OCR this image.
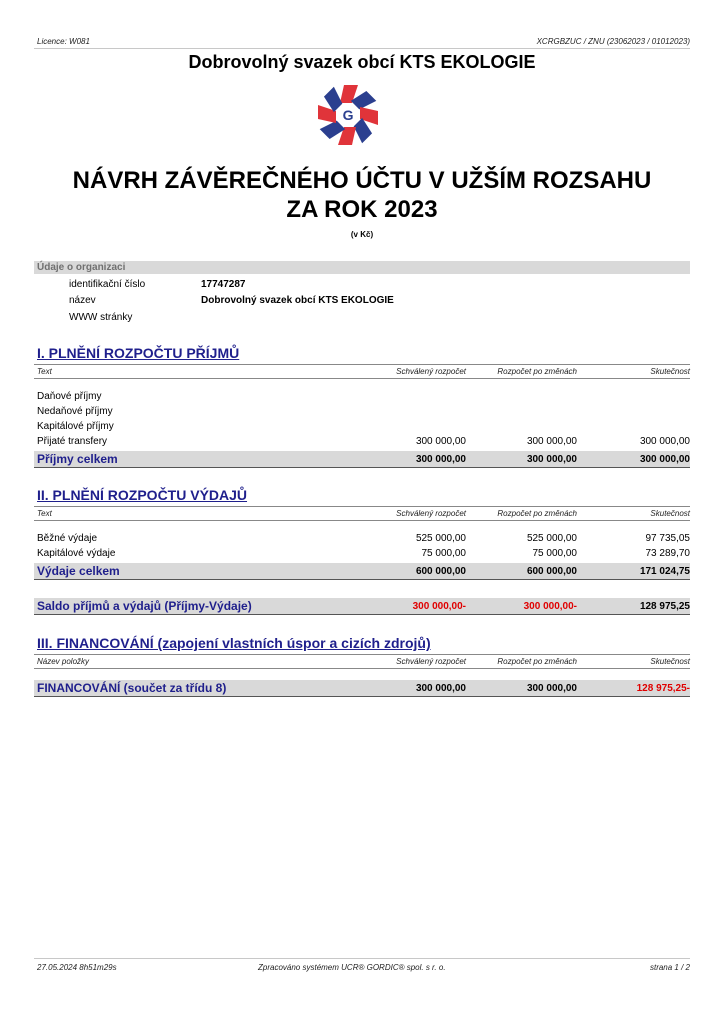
Licence: W081	XCRGBZUC / ZNU (23062023 / 01012023)
Dobrovolný svazek obcí KTS EKOLOGIE
G
NÁVRH ZÁVĚREČNÉHO ÚČTU V UŽŠÍM ROZSAHU
ZA ROK 2023
(v Kč)
Údaje o organizaci
identifikační číslo	17747287
název	Dobrovolný svazek obcí KTS EKOLOGIE
WWW stránky
I. PLNĚNÍ ROZPOČTU PŘÍJMŮ
Text	Schválený rozpočet	Rozpočet po změnách	Skutečnost
Daňové příjmy
Nedaňové příjmy
Kapitálové příjmy
Přijaté transfery	300 000,00	300 000,00	300 000,00
Příjmy celkem	300 000,00	300 000,00	300 000,00
II. PLNĚNÍ ROZPOČTU VÝDAJŮ
Text	Schválený rozpočet	Rozpočet po změnách	Skutečnost
Běžné výdaje	525 000,00	525 000,00	97 735,05
Kapitálové výdaje	75 000,00	75 000,00	73 289,70
Výdaje celkem	600 000,00	600 000,00	171 024,75
Saldo příjmů a výdajů (Příjmy-Výdaje)	300 000,00-	300 000,00-	128 975,25
III. FINANCOVÁNÍ (zapojení vlastních úspor a cizích zdrojů)
Název položky	Schválený rozpočet	Rozpočet po změnách	Skutečnost
FINANCOVÁNÍ (součet za třídu 8)	300 000,00	300 000,00	128 975,25-
27.05.2024 8h51m29s	Zpracováno systémem UCR® GORDIC® spol. s r. o.	strana 1 / 2
